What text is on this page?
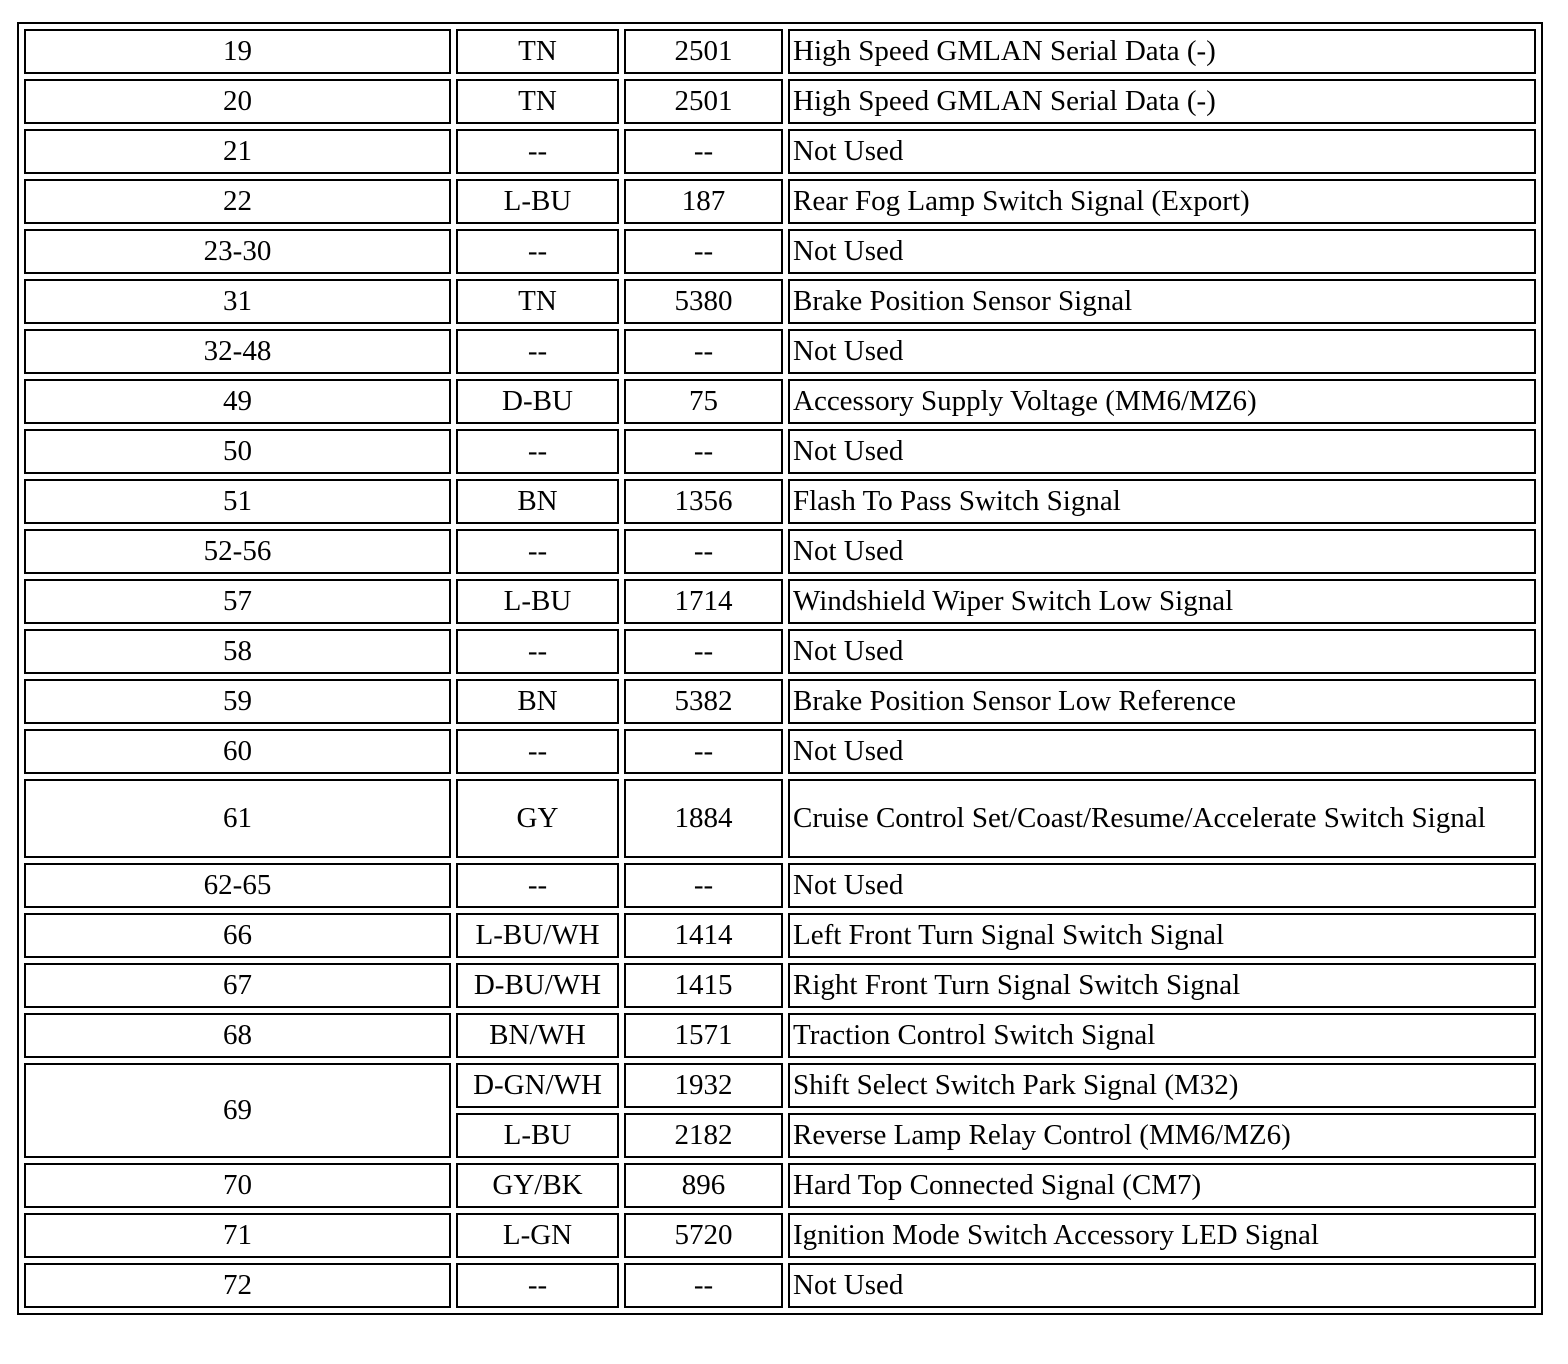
19	TN	2501	High Speed GMLAN Serial Data (-)
20	TN	2501	High Speed GMLAN Serial Data (-)
21	--	--	Not Used
22	L-BU	187	Rear Fog Lamp Switch Signal (Export)
23-30	--	--	Not Used
31	TN	5380	Brake Position Sensor Signal
32-48	--	--	Not Used
49	D-BU	75	Accessory Supply Voltage (MM6/MZ6)
50	--	--	Not Used
51	BN	1356	Flash To Pass Switch Signal
52-56	--	--	Not Used
57	L-BU	1714	Windshield Wiper Switch Low Signal
58	--	--	Not Used
59	BN	5382	Brake Position Sensor Low Reference
60	--	--	Not Used
61	GY	1884	Cruise Control Set/Coast/Resume/Accelerate Switch Signal
62-65	--	--	Not Used
66	L-BU/WH	1414	Left Front Turn Signal Switch Signal
67	D-BU/WH	1415	Right Front Turn Signal Switch Signal
68	BN/WH	1571	Traction Control Switch Signal
69	D-GN/WH	1932	Shift Select Switch Park Signal (M32)
	L-BU	2182	Reverse Lamp Relay Control (MM6/MZ6)
70	GY/BK	896	Hard Top Connected Signal (CM7)
71	L-GN	5720	Ignition Mode Switch Accessory LED Signal
72	--	--	Not Used
